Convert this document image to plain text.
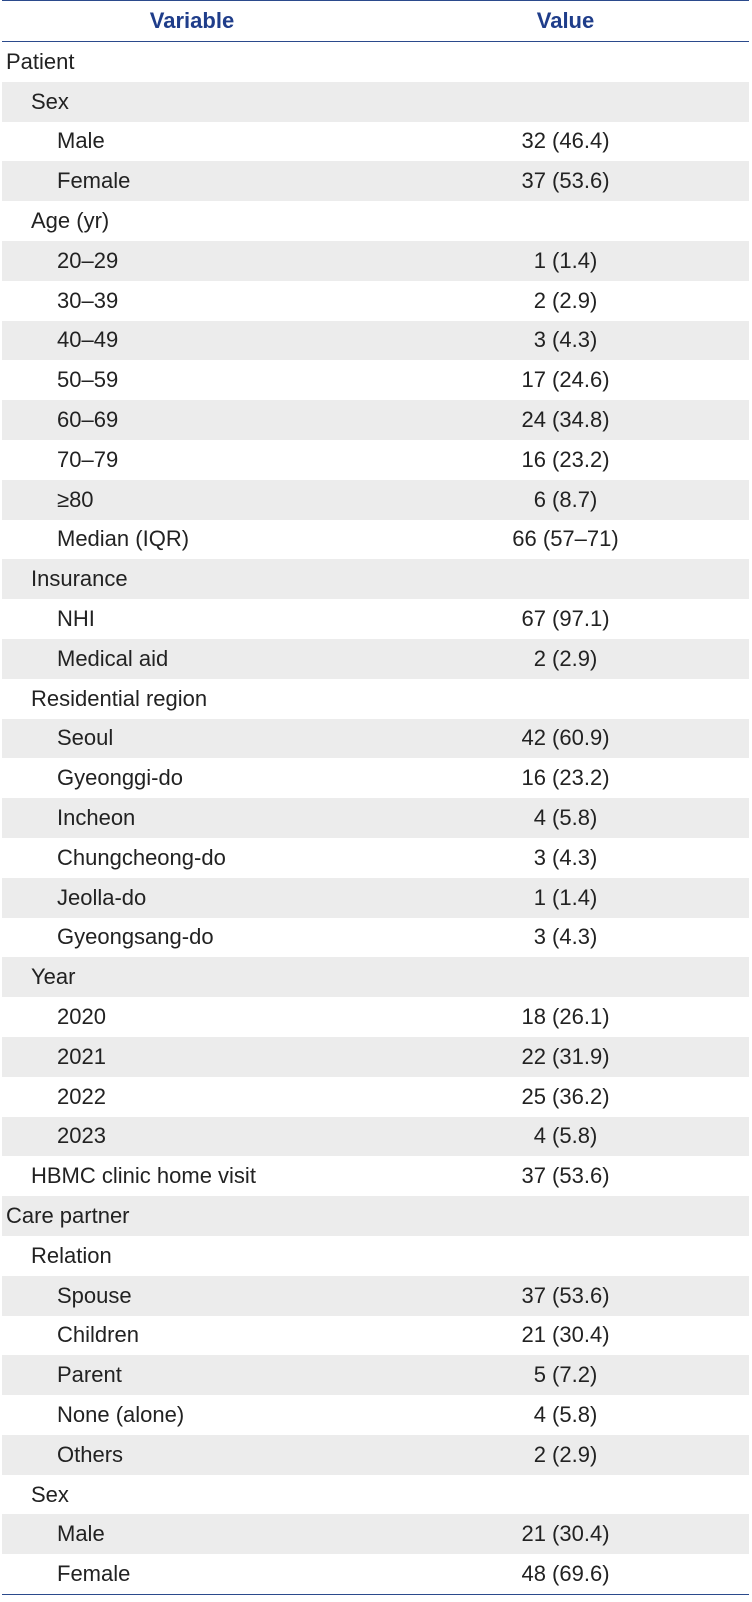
Variable	Value
Patient
Sex
Male	32 (46.4)
Female	37 (53.6)
Age (yr)
20–29	1 (1.4)
30–39	2 (2.9)
40–49	3 (4.3)
50–59	17 (24.6)
60–69	24 (34.8)
70–79	16 (23.2)
≥80	6 (8.7)
Median (IQR)	66 (57–71)
Insurance
NHI	67 (97.1)
Medical aid	2 (2.9)
Residential region
Seoul	42 (60.9)
Gyeonggi-do	16 (23.2)
Incheon	4 (5.8)
Chungcheong-do	3 (4.3)
Jeolla-do	1 (1.4)
Gyeongsang-do	3 (4.3)
Year
2020	18 (26.1)
2021	22 (31.9)
2022	25 (36.2)
2023	4 (5.8)
HBMC clinic home visit	37 (53.6)
Care partner
Relation
Spouse	37 (53.6)
Children	21 (30.4)
Parent	5 (7.2)
None (alone)	4 (5.8)
Others	2 (2.9)
Sex
Male	21 (30.4)
Female	48 (69.6)
